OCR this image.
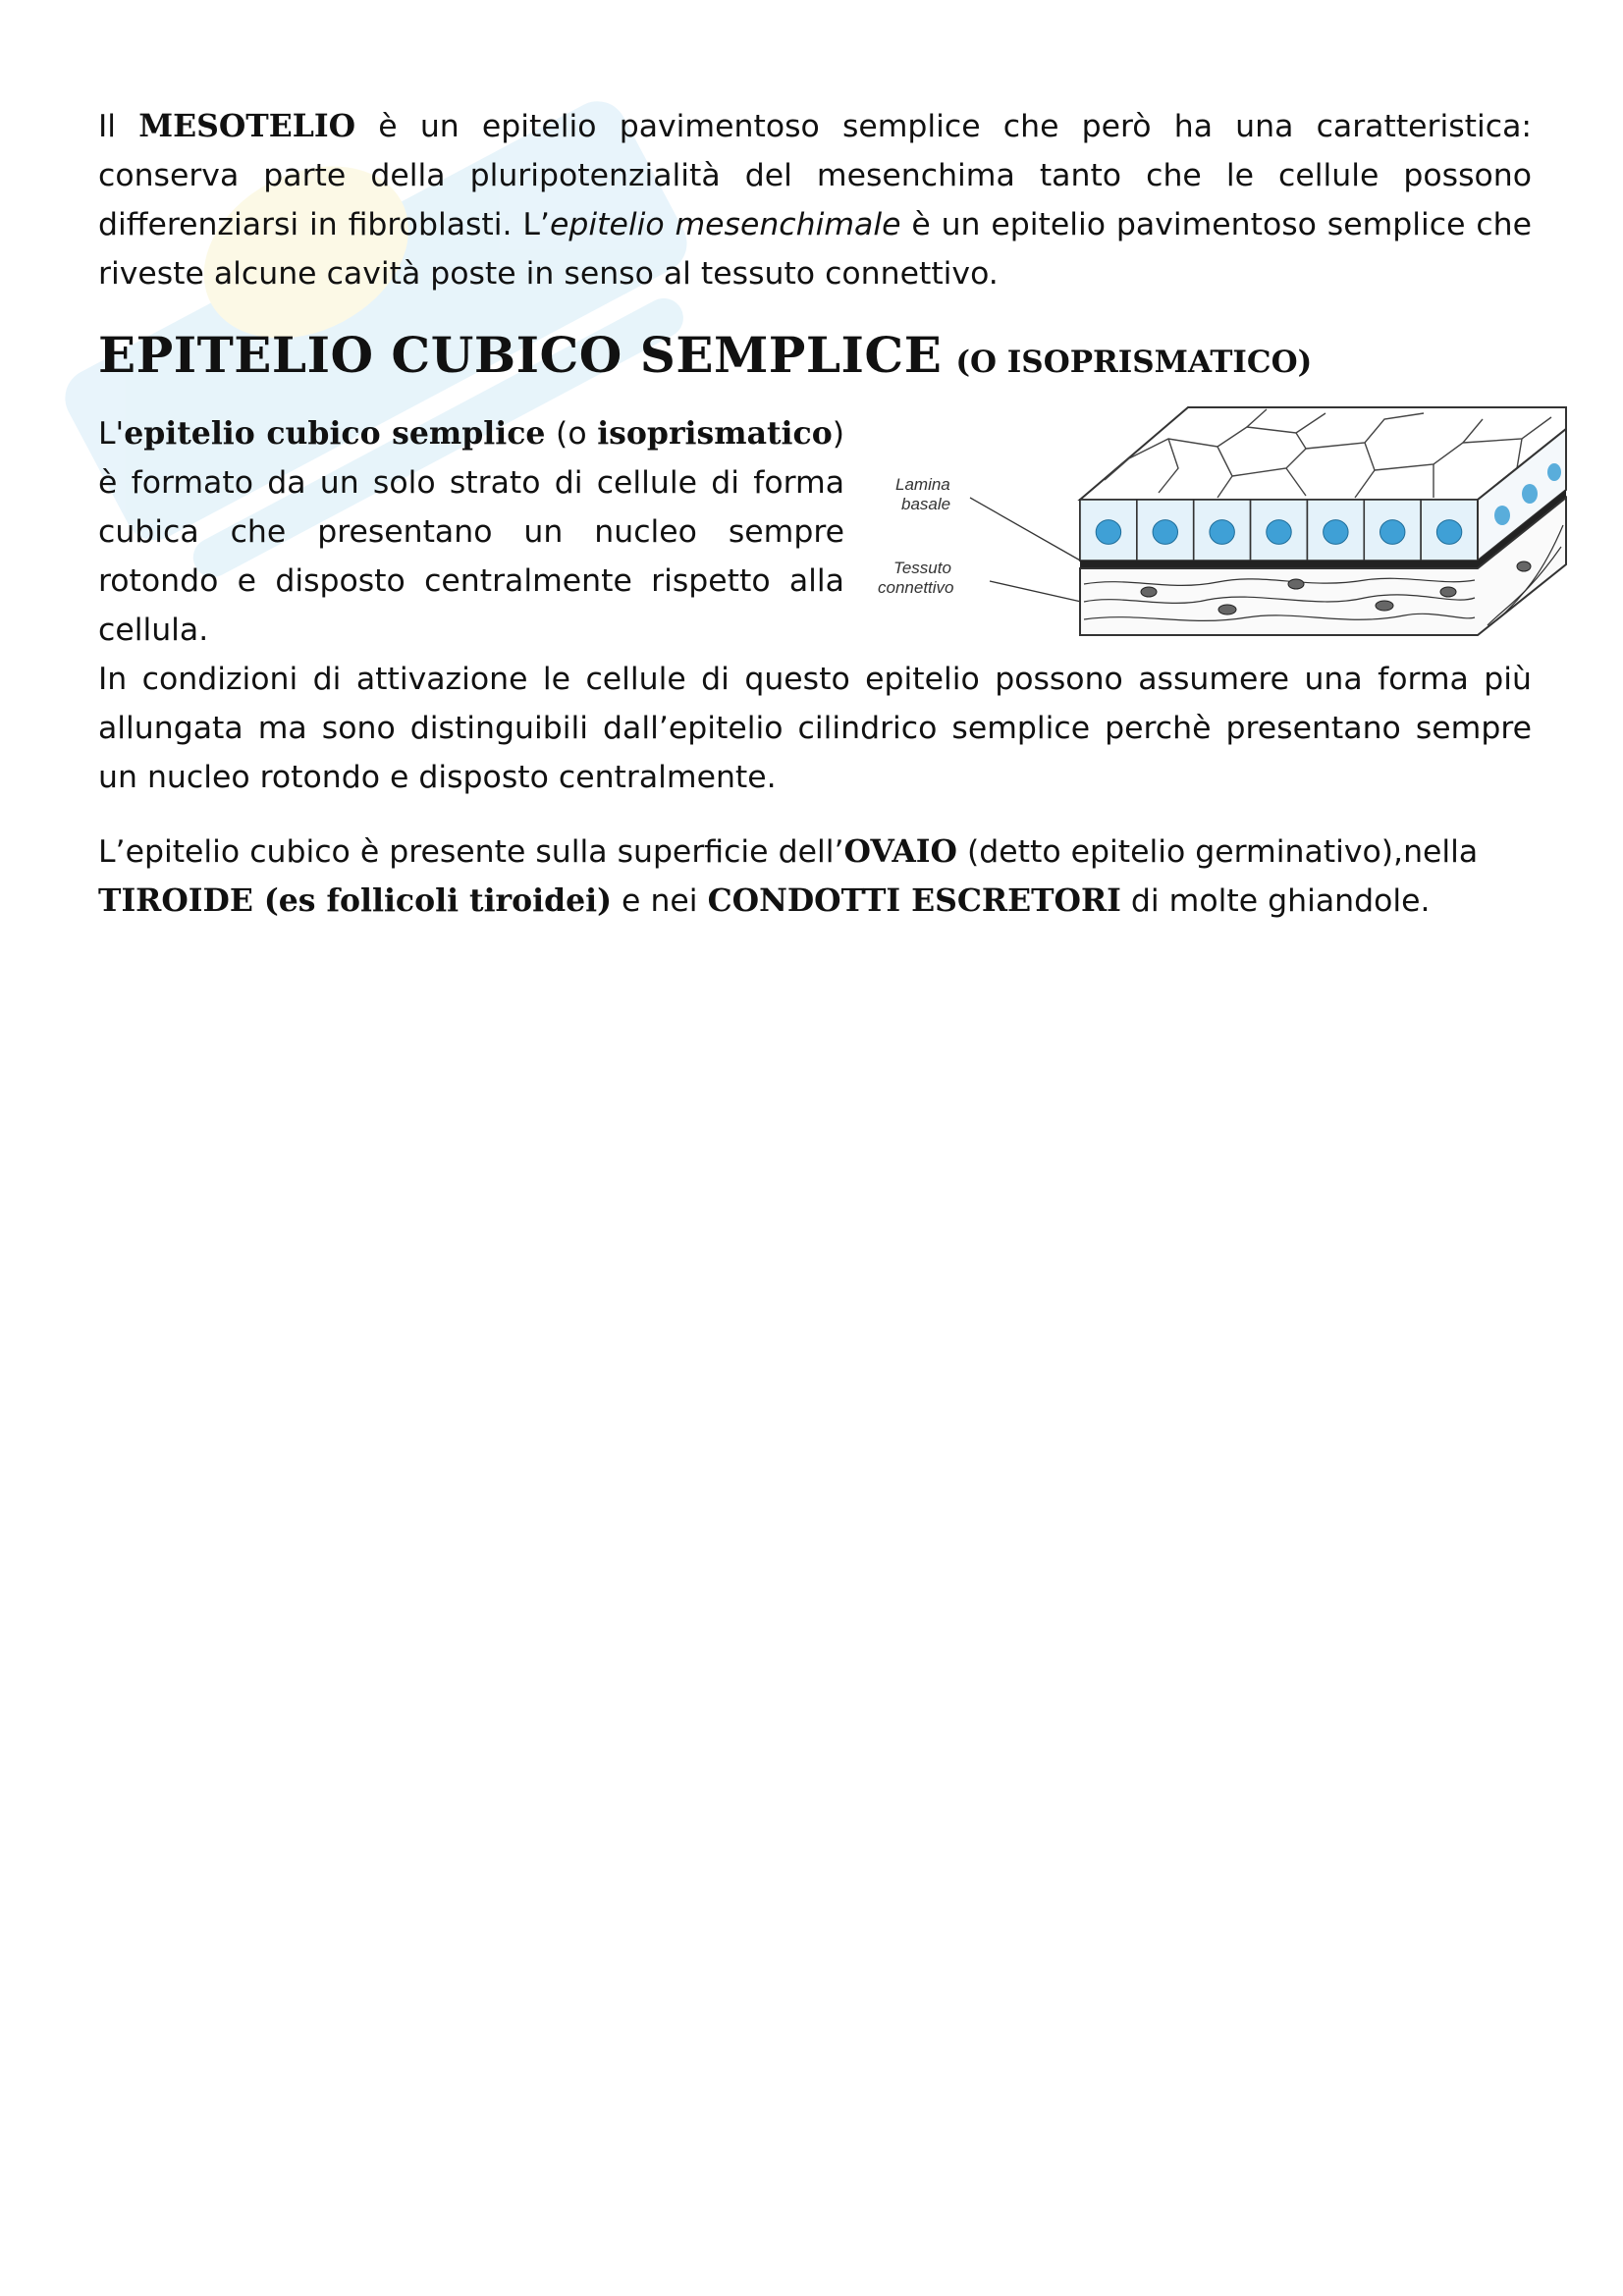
Il MESOTELIO è un epitelio pavimentoso semplice che però ha una caratteristica: conserva parte della pluripotenzialità del mesenchima tanto che le cellule possono differenziarsi in fibroblasti. L’epitelio mesenchimale è un epitelio pavimentoso semplice che riveste alcune cavità poste in senso al tessuto connettivo.

EPITELIO CUBICO SEMPLICE (O ISOPRISMATICO)

L'epitelio cubico semplice (o isoprismatico) è formato da un solo strato di cellule di forma cubica che presentano un nucleo sempre rotondo e disposto centralmente rispetto alla cellula.

Lamina
basale
Tessuto
connettivo

In condizioni di attivazione le cellule di questo epitelio possono assumere una forma più allungata ma sono distinguibili dall’epitelio cilindrico semplice perchè presentano sempre un nucleo rotondo e disposto centralmente.

L’epitelio cubico è presente sulla superficie dell’OVAIO (detto epitelio germinativo),nella TIROIDE (es follicoli tiroidei) e nei CONDOTTI ESCRETORI di molte ghiandole.
